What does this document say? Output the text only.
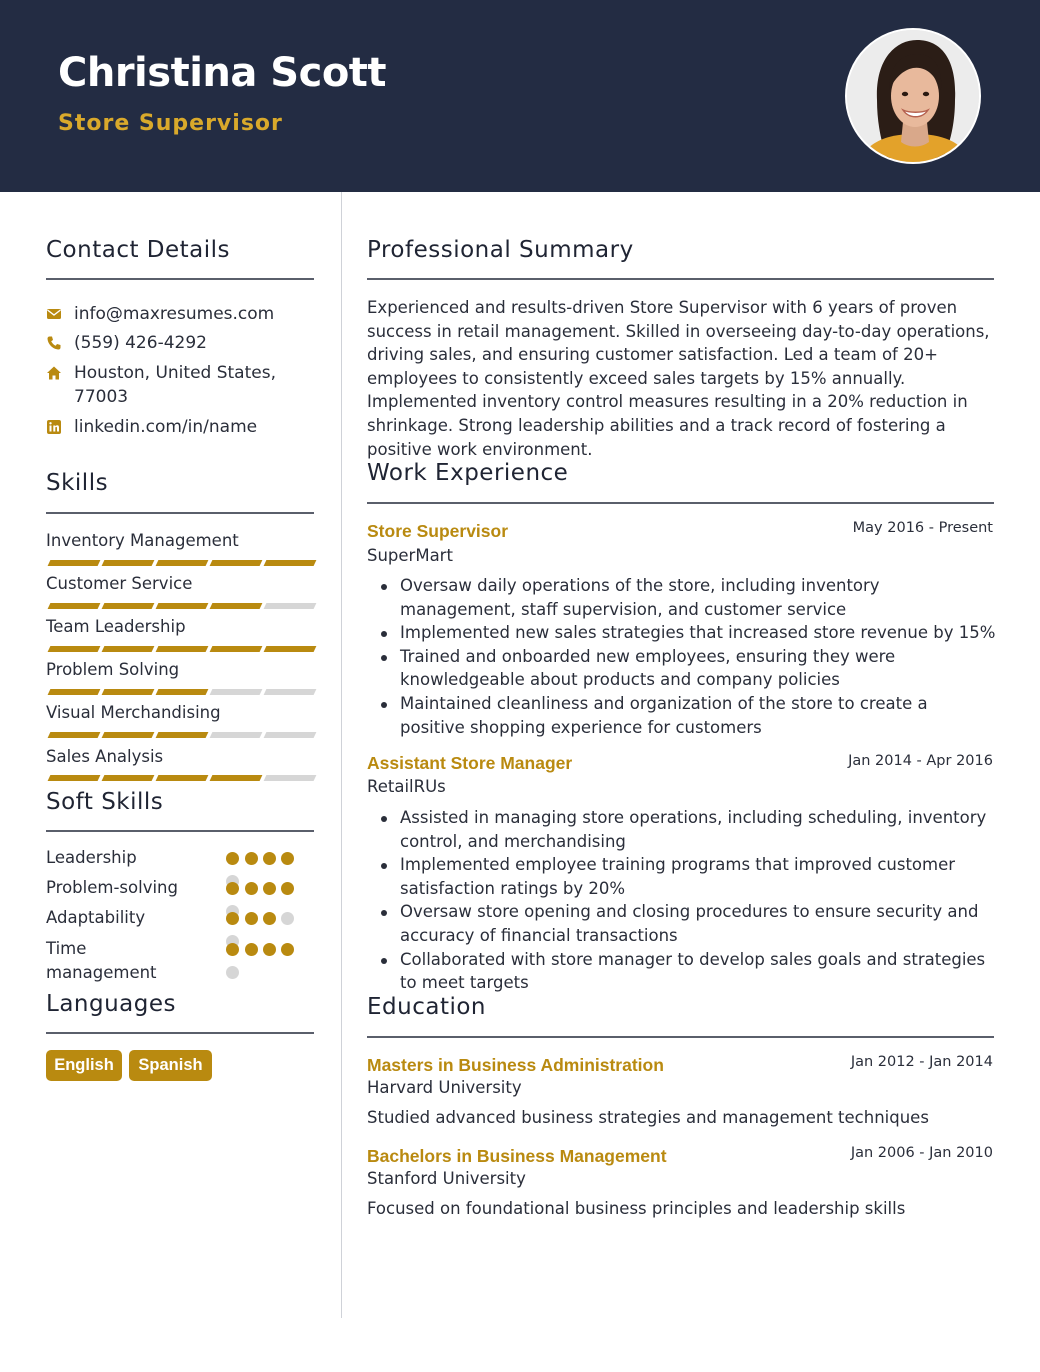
Christina Scott
Store Supervisor
Contact Details
info@maxresumes.com
(559) 426-4292
Houston, United States, 77003
linkedin.com/in/name
Skills
Inventory Management
Customer Service
Team Leadership
Problem Solving
Visual Merchandising
Sales Analysis
Soft Skills
Leadership
Problem-solving
Adaptability
Time management
Languages
English	Spanish
Professional Summary
Experienced and results-driven Store Supervisor with 6 years of proven success in retail management. Skilled in overseeing day-to-day operations, driving sales, and ensuring customer satisfaction. Led a team of 20+ employees to consistently exceed sales targets by 15% annually. Implemented inventory control measures resulting in a 20% reduction in shrinkage. Strong leadership abilities and a track record of fostering a positive work environment.
Work Experience
Store Supervisor	May 2016 - Present
SuperMart
Oversaw daily operations of the store, including inventory management, staff supervision, and customer service
Implemented new sales strategies that increased store revenue by 15%
Trained and onboarded new employees, ensuring they were knowledgeable about products and company policies
Maintained cleanliness and organization of the store to create a positive shopping experience for customers
Assistant Store Manager	Jan 2014 - Apr 2016
RetailRUs
Assisted in managing store operations, including scheduling, inventory control, and merchandising
Implemented employee training programs that improved customer satisfaction ratings by 20%
Oversaw store opening and closing procedures to ensure security and accuracy of financial transactions
Collaborated with store manager to develop sales goals and strategies to meet targets
Education
Masters in Business Administration	Jan 2012 - Jan 2014
Harvard University
Studied advanced business strategies and management techniques
Bachelors in Business Management	Jan 2006 - Jan 2010
Stanford University
Focused on foundational business principles and leadership skills
